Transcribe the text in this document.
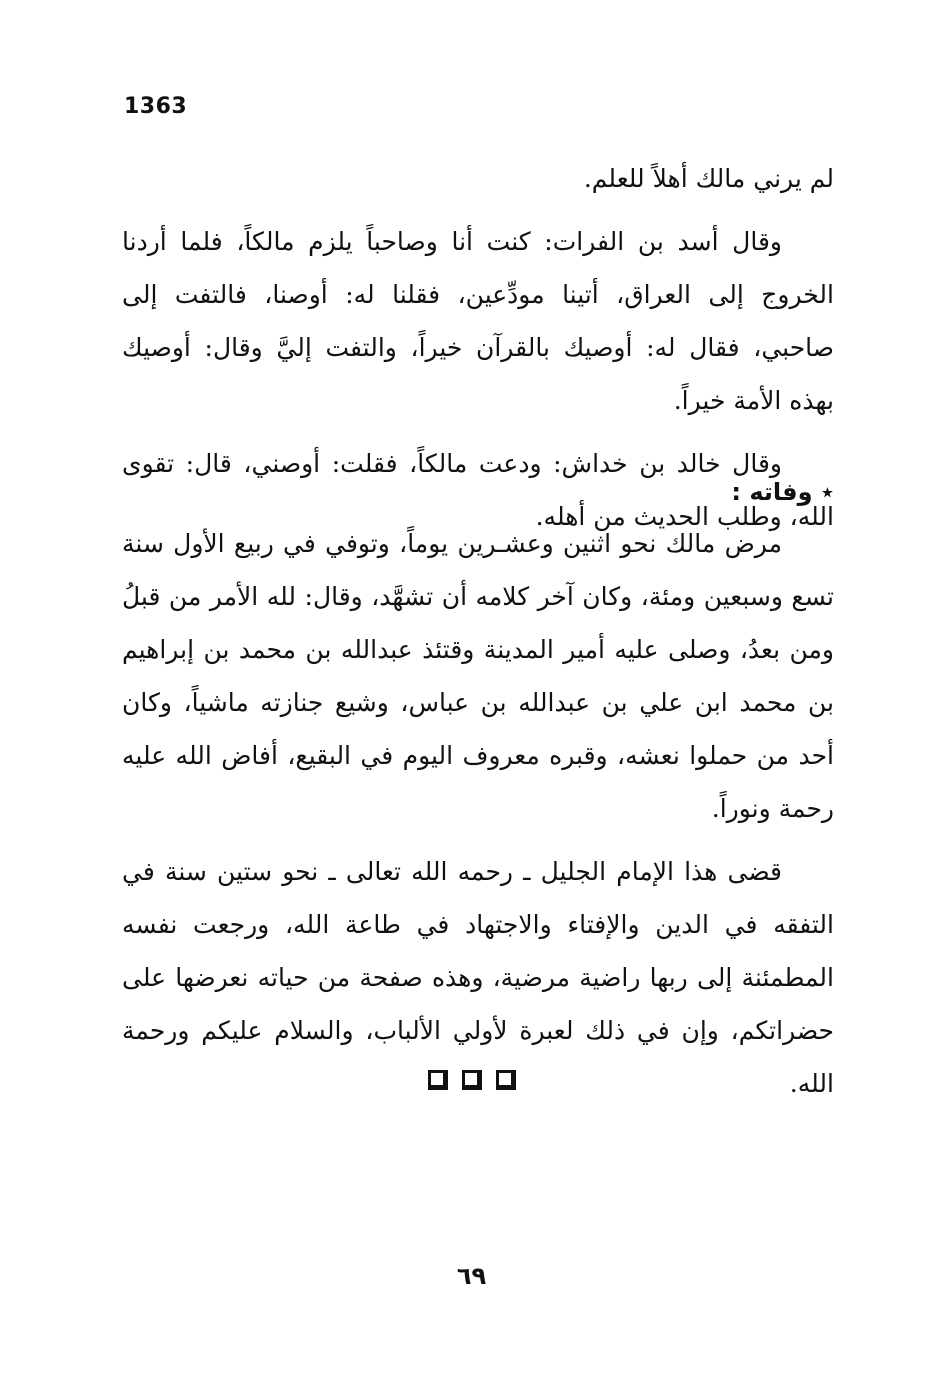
1363

لم يرني مالك أهلاً للعلم.

وقال أسد بن الفرات: كنت أنا وصاحباً يلزم مالكاً، فلما أردنا الخروج إلى العراق، أتينا مودِّعين، فقلنا له: أوصنا، فالتفت إلى صاحبي، فقال له: أوصيك بالقرآن خيراً، والتفت إليَّ وقال: أوصيك بهذه الأمة خيراً.

وقال خالد بن خداش: ودعت مالكاً، فقلت: أوصني، قال: تقوى الله، وطلب الحديث من أهله.

٭ وفاته :

مرض مالك نحو اثنين وعشـرين يوماً، وتوفي في ربيع الأول سنة تسع وسبعين ومئة، وكان آخر كلامه أن تشهَّد، وقال: لله الأمر من قبلُ ومن بعدُ، وصلى عليه أمير المدينة وقتئذ عبدالله بن محمد بن إبراهيم بن محمد ابن علي بن عبدالله بن عباس، وشيع جنازته ماشياً، وكان أحد من حملوا نعشه، وقبره معروف اليوم في البقيع، أفاض الله عليه رحمة ونوراً.

قضى هذا الإمام الجليل ـ رحمه الله تعالى ـ نحو ستين سنة في التفقه في الدين والإفتاء والاجتهاد في طاعة الله، ورجعت نفسه المطمئنة إلى ربها راضية مرضية، وهذه صفحة من حياته نعرضها على حضراتكم، وإن في ذلك لعبرة لأولي الألباب، والسلام عليكم ورحمة الله.

٦٩
